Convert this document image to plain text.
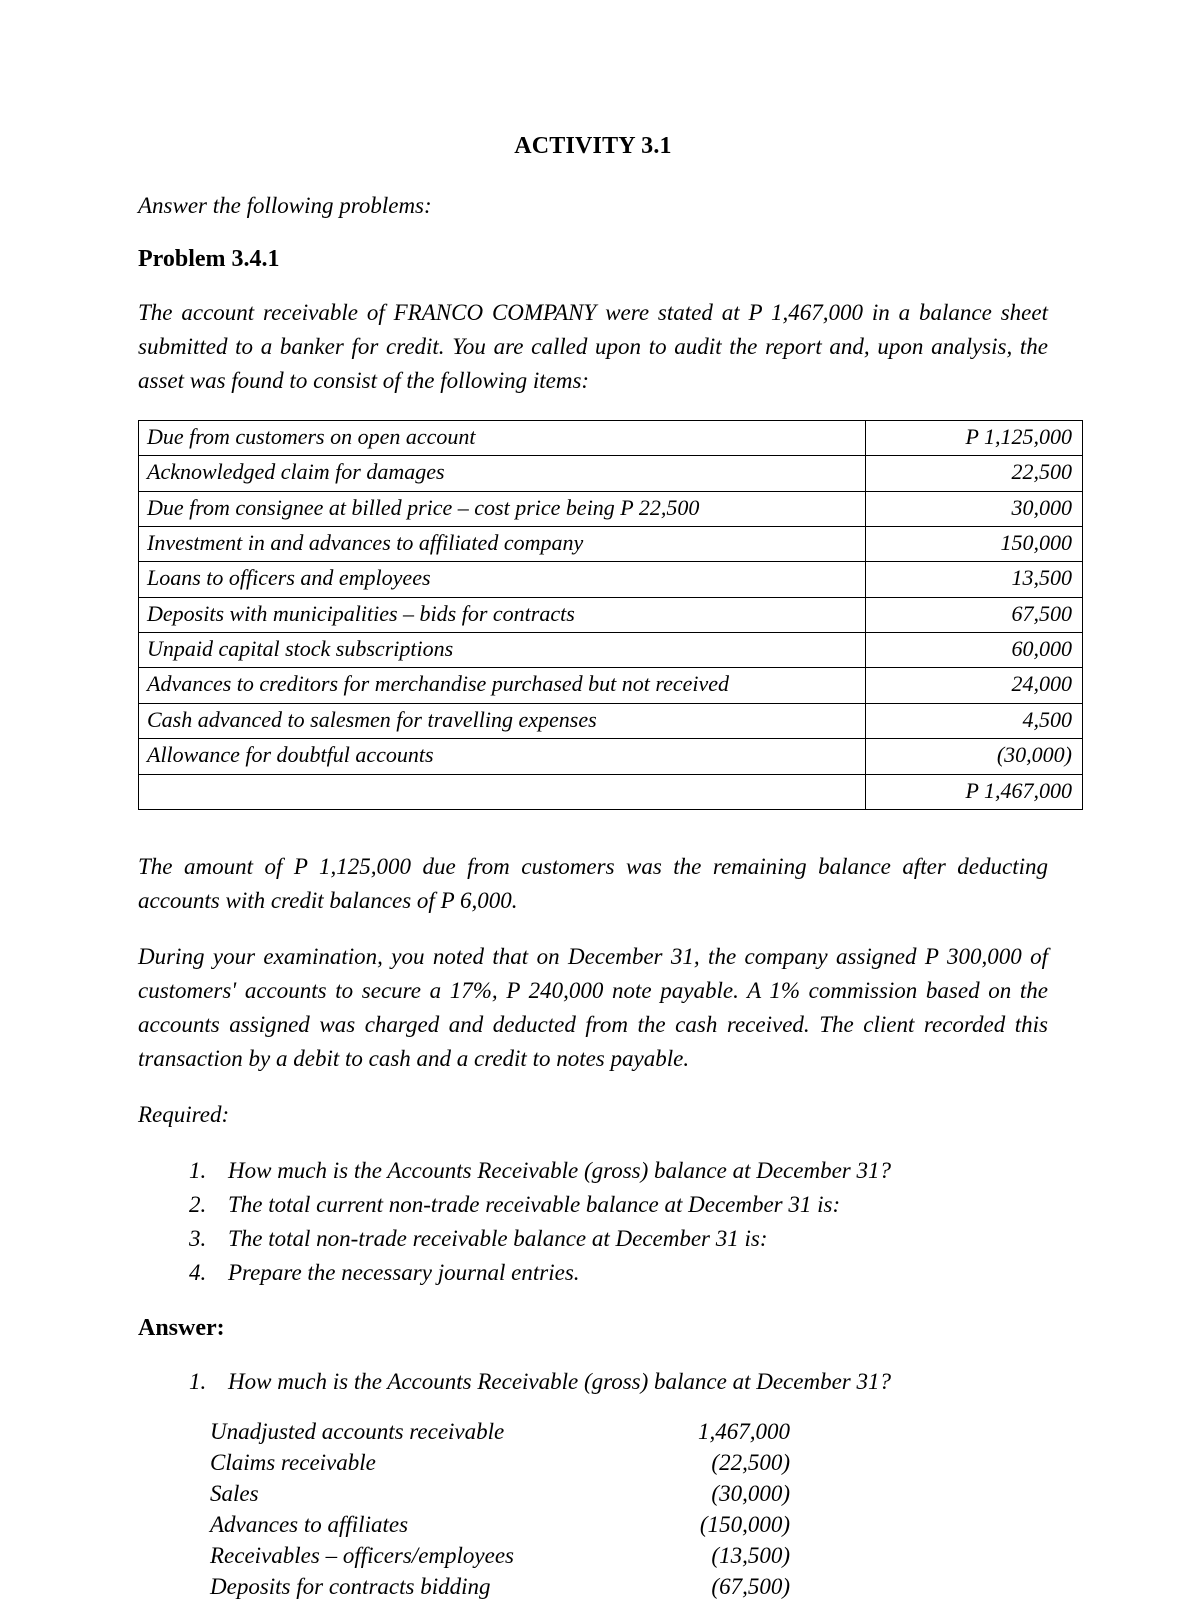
ACTIVITY 3.1

Answer the following problems:

Problem 3.4.1

The account receivable of FRANCO COMPANY were stated at P 1,467,000 in a balance sheet submitted to a banker for credit. You are called upon to audit the report and, upon analysis, the asset was found to consist of the following items:

Due from customers on open account	P 1,125,000
Acknowledged claim for damages	22,500
Due from consignee at billed price – cost price being P 22,500	30,000
Investment in and advances to affiliated company	150,000
Loans to officers and employees	13,500
Deposits with municipalities – bids for contracts	67,500
Unpaid capital stock subscriptions	60,000
Advances to creditors for merchandise purchased but not received	24,000
Cash advanced to salesmen for travelling expenses	4,500
Allowance for doubtful accounts	(30,000)
	P 1,467,000

The amount of P 1,125,000 due from customers was the remaining balance after deducting accounts with credit balances of P 6,000.

During your examination, you noted that on December 31, the company assigned P 300,000 of customers' accounts to secure a 17%, P 240,000 note payable. A 1% commission based on the accounts assigned was charged and deducted from the cash received. The client recorded this transaction by a debit to cash and a credit to notes payable.

Required:

1. How much is the Accounts Receivable (gross) balance at December 31?
2. The total current non-trade receivable balance at December 31 is:
3. The total non-trade receivable balance at December 31 is:
4. Prepare the necessary journal entries.
Answer:
1. How much is the Accounts Receivable (gross) balance at December 31?
Unadjusted accounts receivable	1,467,000
Claims receivable	(22,500)
Sales	(30,000)
Advances to affiliates	(150,000)
Receivables – officers/employees	(13,500)
Deposits for contracts bidding	(67,500)
